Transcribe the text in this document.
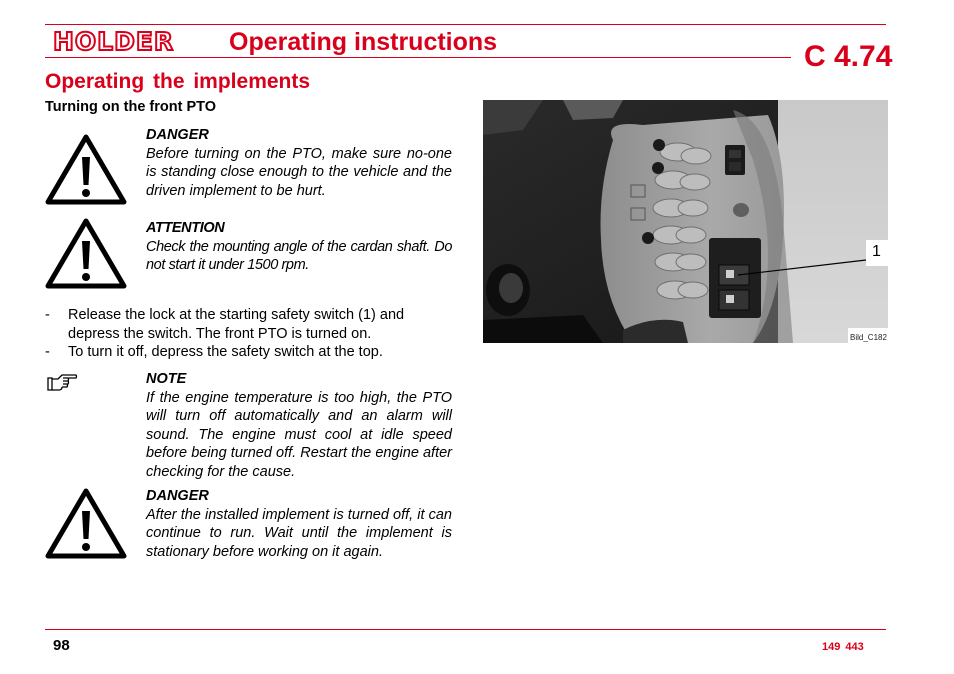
HOLDER Operating instructions	C 4.74
Operating the implements
Turning on the front PTO
DANGER
Before turning on the PTO, make sure no-one is standing close enough to the vehicle and the driven implement to be hurt.
ATTENTION
Check the mounting angle of the cardan shaft. Do not start it under 1500 rpm.
- Release the lock at the starting safety switch (1) and depress the switch. The front PTO is turned on.
- To turn it off, depress the safety switch at the top.
NOTE
If the engine temperature is too high, the PTO will turn off automatically and an alarm will sound. The engine must cool at idle speed before being turned off. Restart the engine after checking for the cause.
DANGER
After the installed implement is turned off, it can continue to run. Wait until the implement is stationary before working on it again.
1
Bild_C182
98	149 443
